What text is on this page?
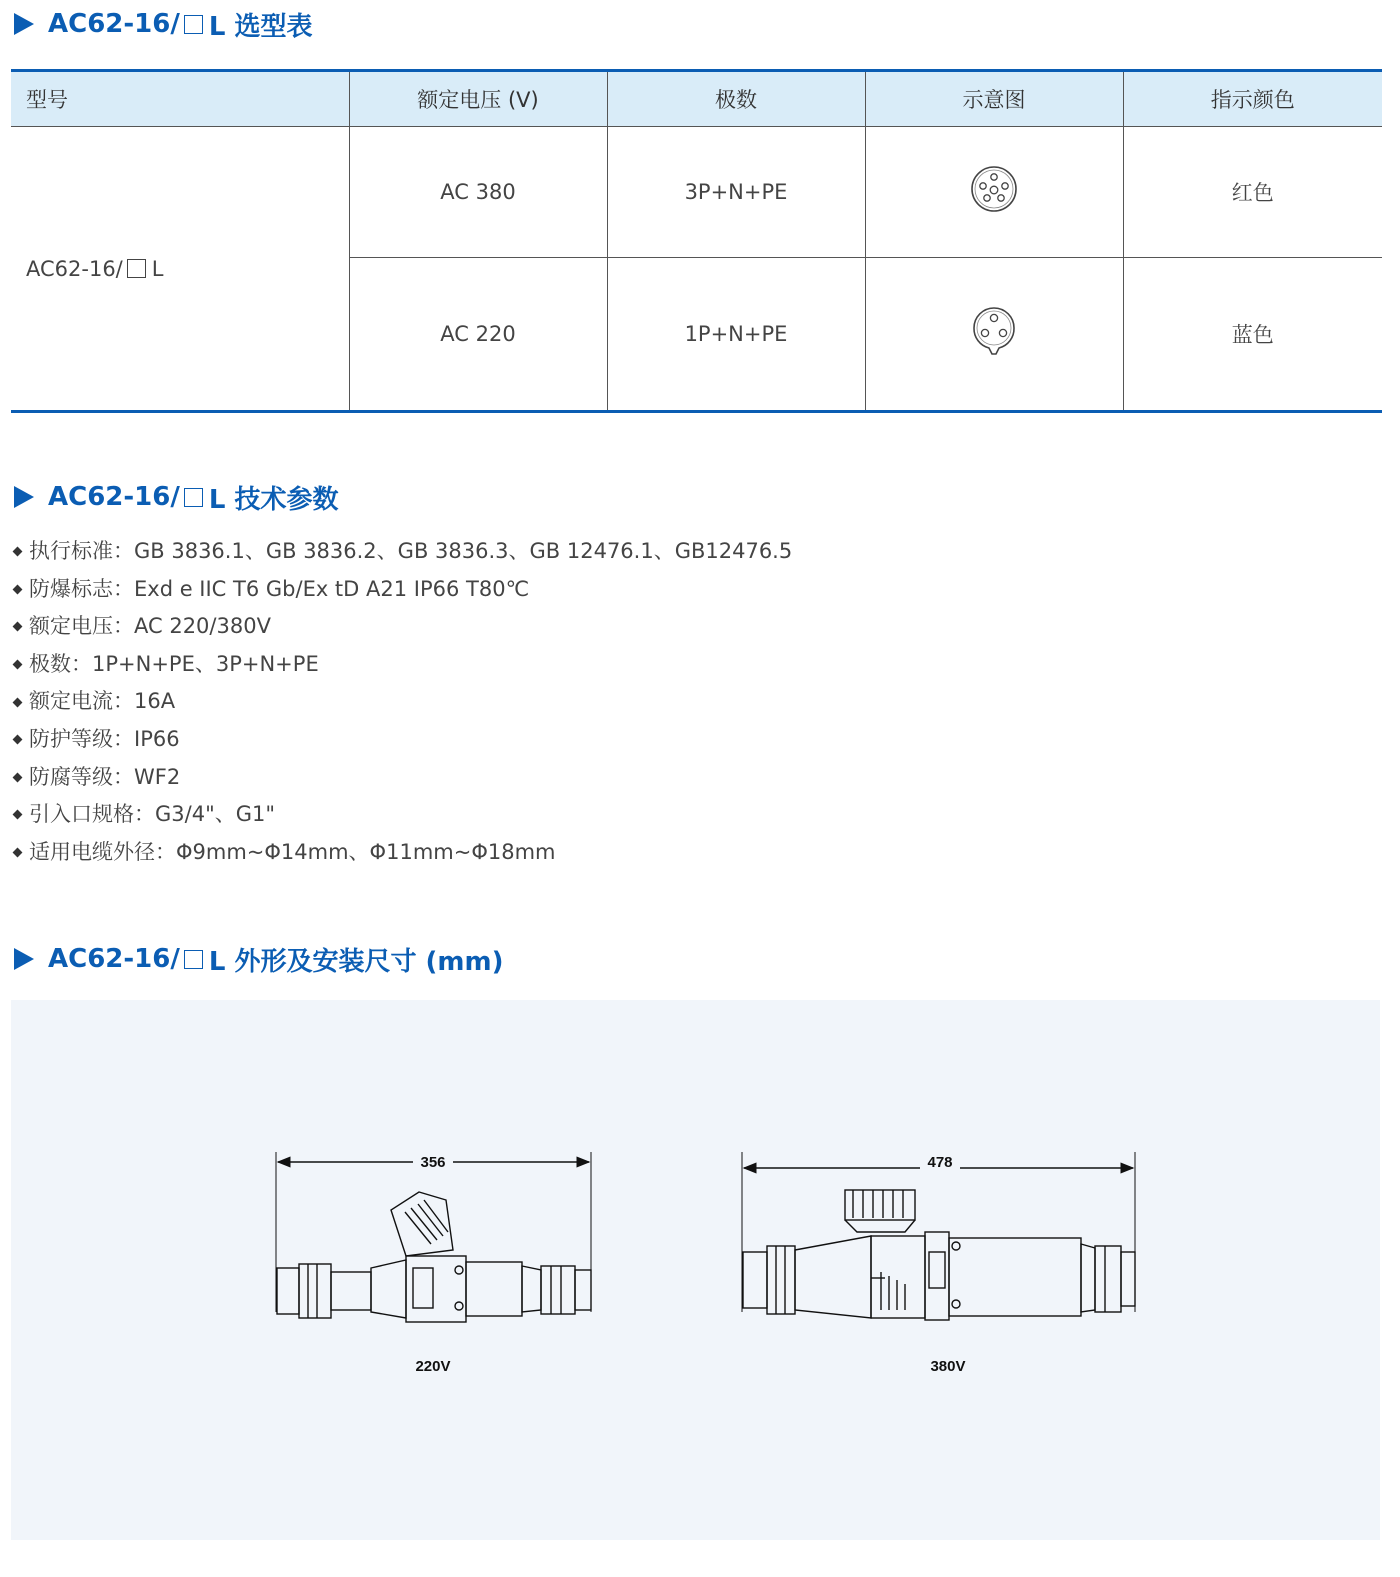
AC62-16/ L 选型表
型号	额定电压 (V)	极数	示意图	指示颜色
AC62-16/ L	AC 380	3P+N+PE		红色
	AC 220	1P+N+PE		蓝色
AC62-16/ L 技术参数
执行标准：GB 3836.1、GB 3836.2、GB 3836.3、GB 12476.1、GB12476.5
防爆标志：Exd e IIC T6 Gb/Ex tD A21 IP66 T80℃
额定电压：AC 220/380V
极数：1P+N+PE、3P+N+PE
额定电流：16A
防护等级：IP66
防腐等级：WF2
引入口规格：G3/4"、G1"
适用电缆外径：Φ9mm~Φ14mm、Φ11mm~Φ18mm
AC62-16/ L 外形及安装尺寸 (mm)
356	478
220V	380V
